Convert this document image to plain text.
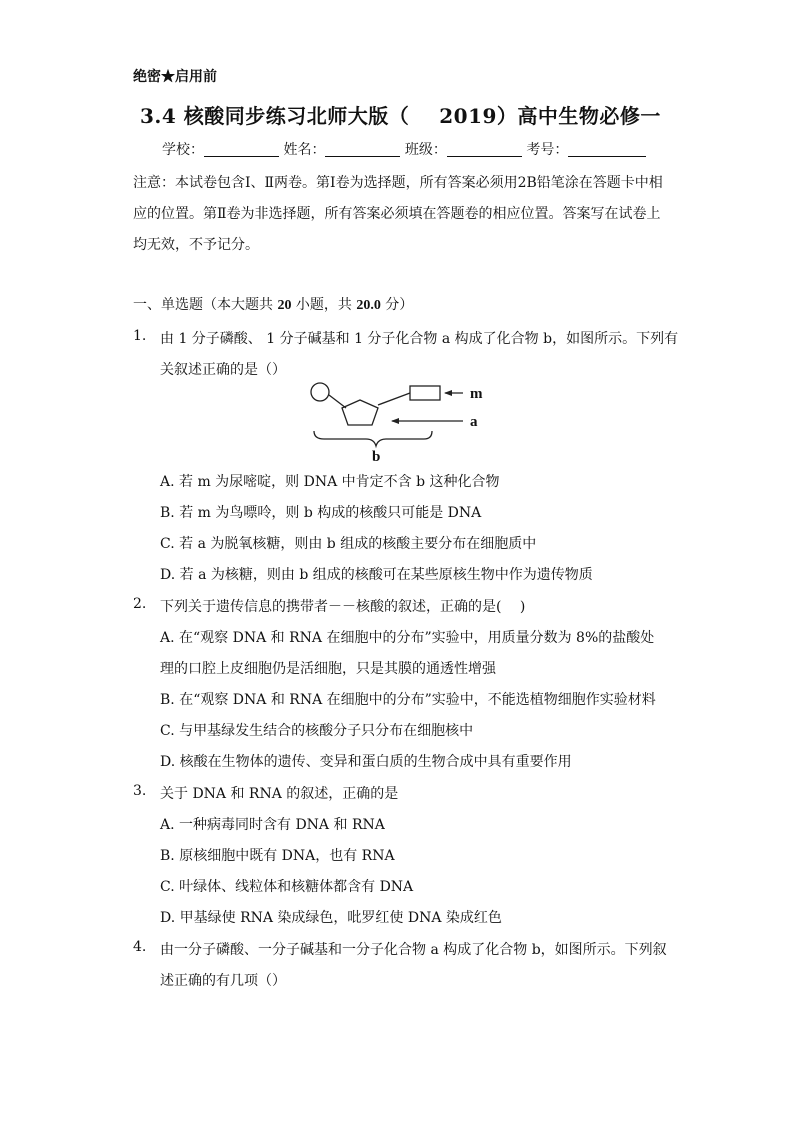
绝密★启用前
3.4 核酸同步练习北师大版（ 2019）高中生物必修一
学校：	姓名：	班级：	考号：
注意：本试卷包含Ⅰ、Ⅱ两卷。第Ⅰ卷为选择题，所有答案必须用2B铅笔涂在答题卡中相应的位置。第Ⅱ卷为非选择题，所有答案必须填在答题卷的相应位置。答案写在试卷上均无效，不予记分。
一、单选题（本大题共 20 小题，共 20.0 分）
1. 由 1 分子磷酸、 1 分子碱基和 1 分子化合物 a 构成了化合物 b，如图所示。下列有
关叙述正确的是（）
m
a
b
A. 若 m 为尿嘧啶，则 DNA 中肯定不含 b 这种化合物
B. 若 m 为鸟嘌呤，则 b 构成的核酸只可能是 DNA
C. 若 a 为脱氧核糖，则由 b 组成的核酸主要分布在细胞质中
D. 若 a 为核糖，则由 b 组成的核酸可在某些原核生物中作为遗传物质
2. 下列关于遗传信息的携带者－－核酸的叙述，正确的是(　 )
A. 在“观察 DNA 和 RNA 在细胞中的分布”实验中，用质量分数为 8%的盐酸处
理的口腔上皮细胞仍是活细胞，只是其膜的通透性增强
B. 在“观察 DNA 和 RNA 在细胞中的分布”实验中，不能选植物细胞作实验材料
C. 与甲基绿发生结合的核酸分子只分布在细胞核中
D. 核酸在生物体的遗传、变异和蛋白质的生物合成中具有重要作用
3. 关于 DNA 和 RNA 的叙述，正确的是
A. 一种病毒同时含有 DNA 和 RNA
B. 原核细胞中既有 DNA，也有 RNA
C. 叶绿体、线粒体和核糖体都含有 DNA
D. 甲基绿使 RNA 染成绿色，吡罗红使 DNA 染成红色
4. 由一分子磷酸、一分子碱基和一分子化合物 a 构成了化合物 b，如图所示。下列叙
述正确的有几项（）
